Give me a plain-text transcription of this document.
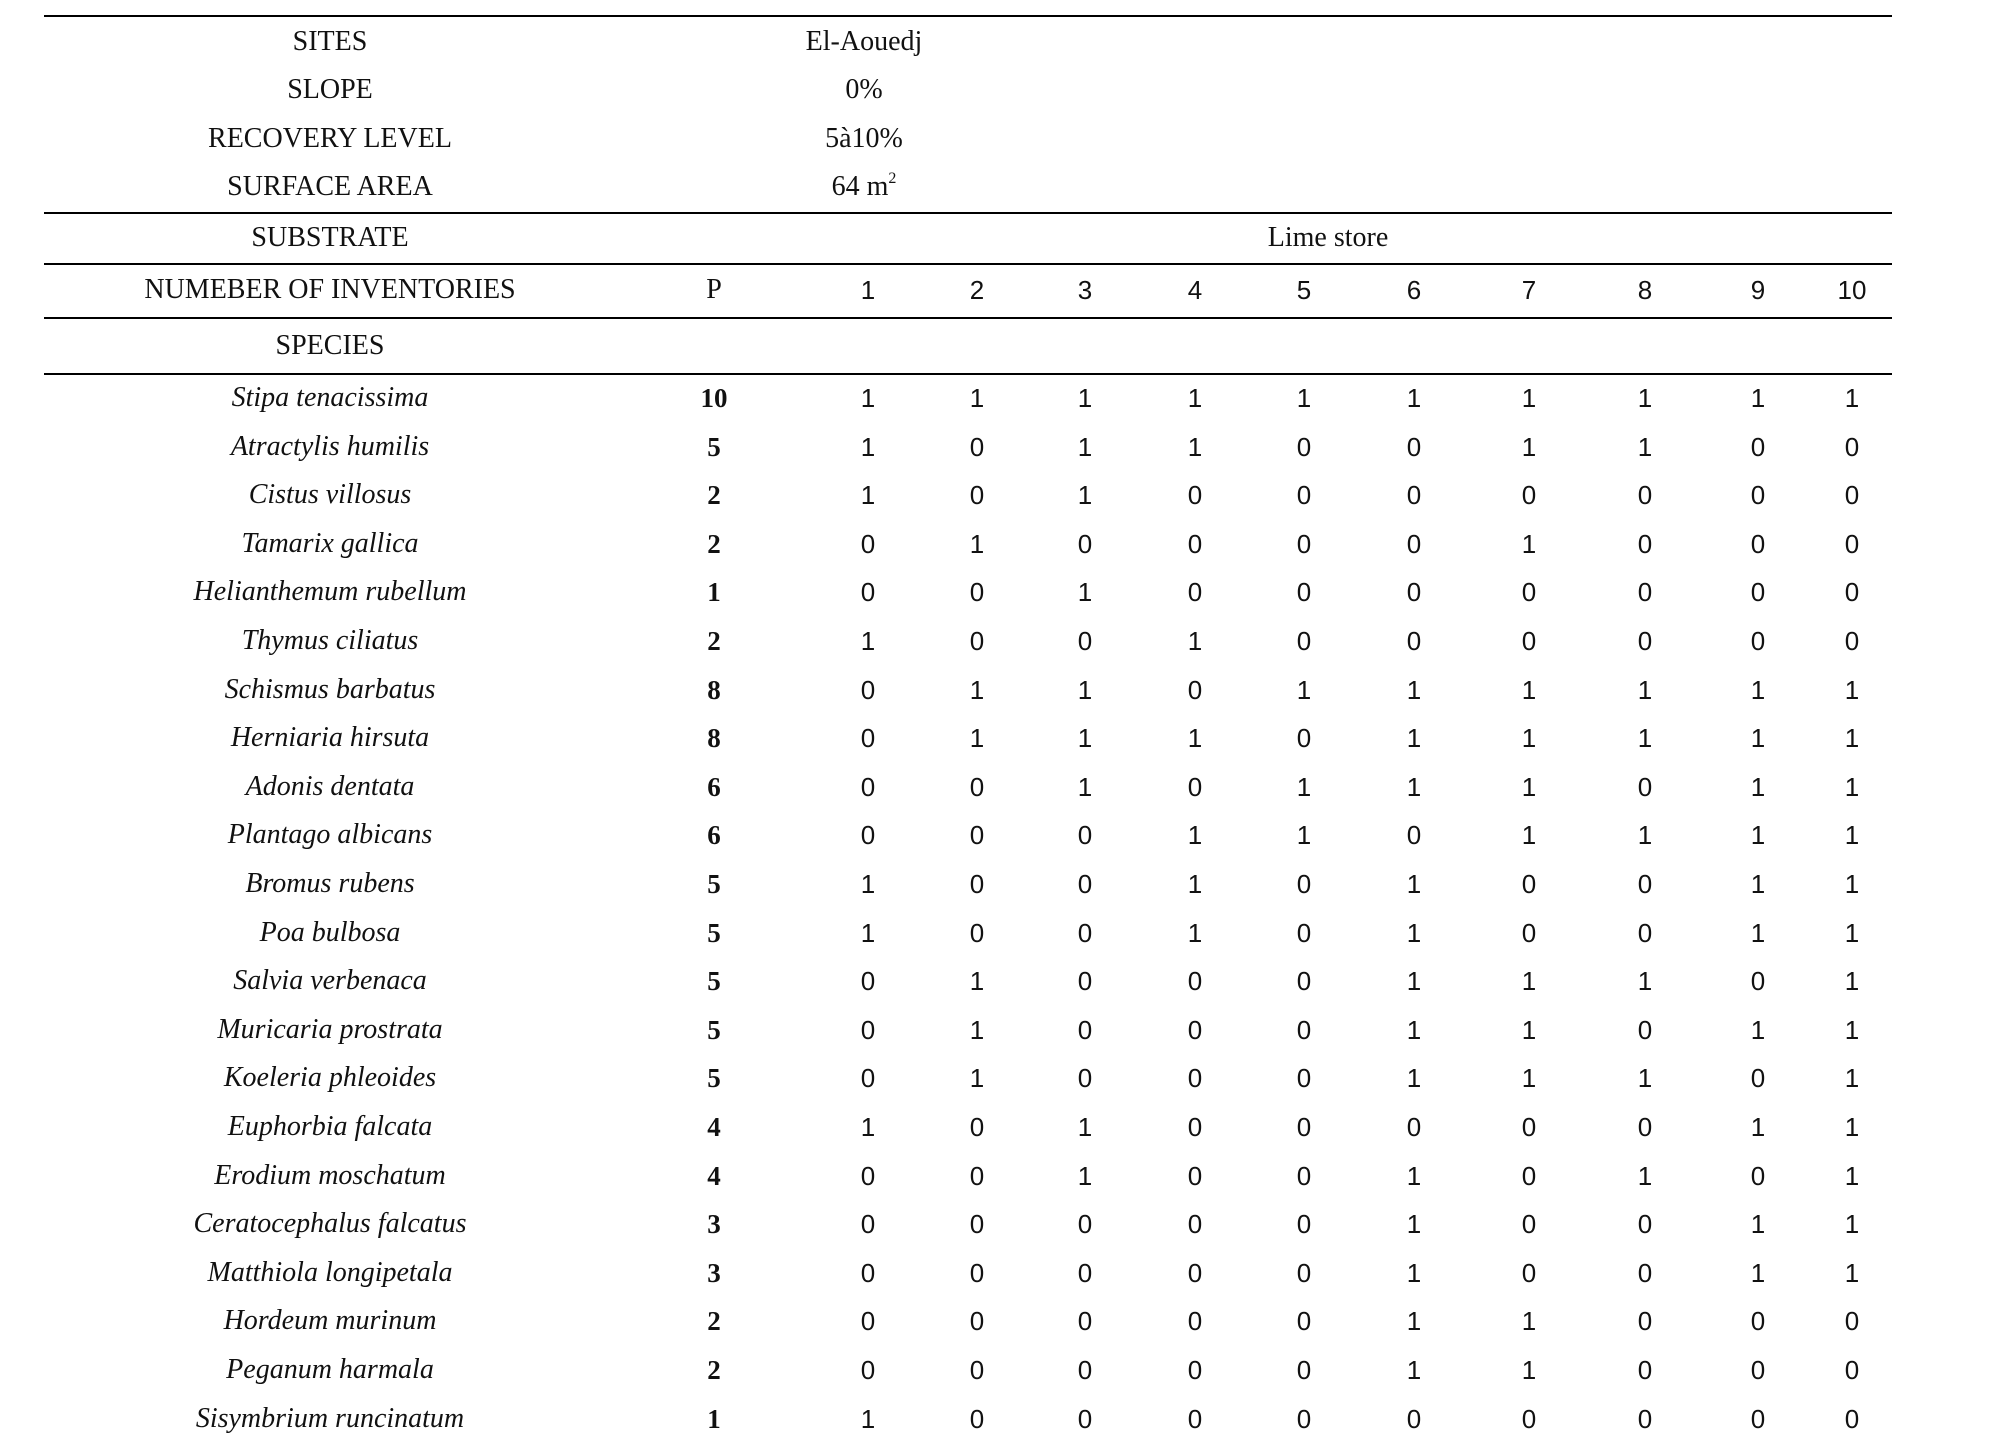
SITES	El-Aouedj
SLOPE	0%
RECOVERY LEVEL	5à10%
SURFACE AREA	64 $m^2$
SUBSTRATE	Lime store
NUMEBER OF INVENTORIES	P	1	2	3	4	5	6	7	8	9	10
SPECIES
Stipa tenacissima	10	1	1	1	1	1	1	1	1	1	1
Atractylis humilis	5	1	0	1	1	0	0	1	1	0	0
Cistus villosus	2	1	0	1	0	0	0	0	0	0	0
Tamarix gallica	2	0	1	0	0	0	0	1	0	0	0
Helianthemum rubellum	1	0	0	1	0	0	0	0	0	0	0
Thymus ciliatus	2	1	0	0	1	0	0	0	0	0	0
Schismus barbatus	8	0	1	1	0	1	1	1	1	1	1
Herniaria hirsuta	8	0	1	1	1	0	1	1	1	1	1
Adonis dentata	6	0	0	1	0	1	1	1	0	1	1
Plantago albicans	6	0	0	0	1	1	0	1	1	1	1
Bromus rubens	5	1	0	0	1	0	1	0	0	1	1
Poa bulbosa	5	1	0	0	1	0	1	0	0	1	1
Salvia verbenaca	5	0	1	0	0	0	1	1	1	0	1
Muricaria prostrata	5	0	1	0	0	0	1	1	0	1	1
Koeleria phleoides	5	0	1	0	0	0	1	1	1	0	1
Euphorbia falcata	4	1	0	1	0	0	0	0	0	1	1
Erodium moschatum	4	0	0	1	0	0	1	0	1	0	1
Ceratocephalus falcatus	3	0	0	0	0	0	1	0	0	1	1
Matthiola longipetala	3	0	0	0	0	0	1	0	0	1	1
Hordeum murinum	2	0	0	0	0	0	1	1	0	0	0
Peganum harmala	2	0	0	0	0	0	1	1	0	0	0
Sisymbrium runcinatum	1	1	0	0	0	0	0	0	0	0	0
